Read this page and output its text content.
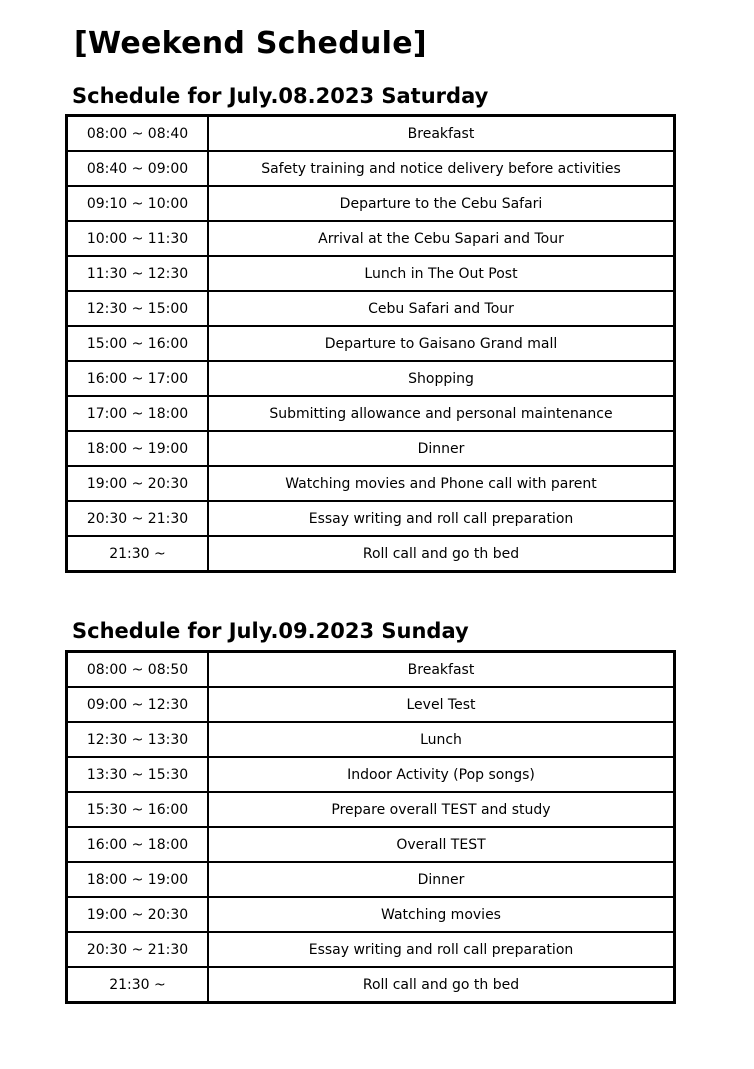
[Weekend Schedule]
Schedule for July.08.2023 Saturday
08:00 ~ 08:40	Breakfast
08:40 ~ 09:00	Safety training and notice delivery before activities
09:10 ~ 10:00	Departure to the Cebu Safari
10:00 ~ 11:30	Arrival at the Cebu Sapari and Tour
11:30 ~ 12:30	Lunch in The Out Post
12:30 ~ 15:00	Cebu Safari and Tour
15:00 ~ 16:00	Departure to Gaisano Grand mall
16:00 ~ 17:00	Shopping
17:00 ~ 18:00	Submitting allowance and personal maintenance
18:00 ~ 19:00	Dinner
19:00 ~ 20:30	Watching movies and Phone call with parent
20:30 ~ 21:30	Essay writing and roll call preparation
21:30 ~	Roll call and go th bed
Schedule for July.09.2023 Sunday
08:00 ~ 08:50	Breakfast
09:00 ~ 12:30	Level Test
12:30 ~ 13:30	Lunch
13:30 ~ 15:30	Indoor Activity (Pop songs)
15:30 ~ 16:00	Prepare overall TEST and study
16:00 ~ 18:00	Overall TEST
18:00 ~ 19:00	Dinner
19:00 ~ 20:30	Watching movies
20:30 ~ 21:30	Essay writing and roll call preparation
21:30 ~	Roll call and go th bed
